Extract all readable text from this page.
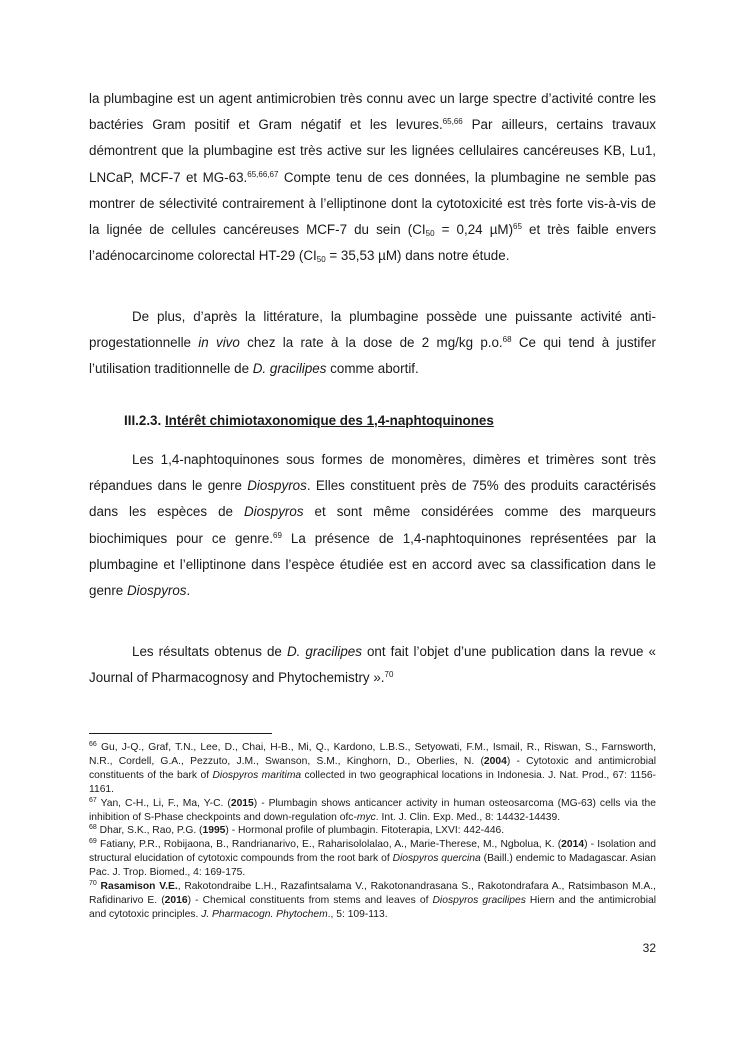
la plumbagine est un agent antimicrobien très connu avec un large spectre d’activité contre les bactéries Gram positif et Gram négatif et les levures.$^{65,66}$ Par ailleurs, certains travaux démontrent que la plumbagine est très active sur les lignées cellulaires cancéreuses KB, Lu1, LNCaP, MCF-7 et MG-63.$^{65,66,67}$ Compte tenu de ces données, la plumbagine ne semble pas montrer de sélectivité contrairement à l’elliptinone dont la cytotoxicité est très forte vis-à-vis de la lignée de cellules cancéreuses MCF-7 du sein ($CI_{50} = 0,24$ µM)$^{65}$ et très faible envers l’adénocarcinome colorectal HT-29 ($CI_{50} = 35,53$ µM) dans notre étude.

De plus, d’après la littérature, la plumbagine possède une puissante activité anti-progestationnelle in vivo chez la rate à la dose de 2 mg/kg p.o.$^{68}$ Ce qui tend à justifer l’utilisation traditionnelle de D. gracilipes comme abortif.

III.2.3. Intérêt chimiotaxonomique des 1,4-naphtoquinones

Les 1,4-naphtoquinones sous formes de monomères, dimères et trimères sont très répandues dans le genre Diospyros. Elles constituent près de 75% des produits caractérisés dans les espèces de Diospyros et sont même considérées comme des marqueurs biochimiques pour ce genre.$^{69}$ La présence de 1,4-naphtoquinones représentées par la plumbagine et l’elliptinone dans l’espèce étudiée est en accord avec sa classification dans le genre Diospyros.

Les résultats obtenus de D. gracilipes ont fait l’objet d’une publication dans la revue « Journal of Pharmacognosy and Phytochemistry ».$^{70}$

$^{66}$ Gu, J-Q., Graf, T.N., Lee, D., Chai, H-B., Mi, Q., Kardono, L.B.S., Setyowati, F.M., Ismail, R., Riswan, S., Farnsworth, N.R., Cordell, G.A., Pezzuto, J.M., Swanson, S.M., Kinghorn, D., Oberlies, N. (2004) - Cytotoxic and antimicrobial constituents of the bark of Diospyros maritima collected in two geographical locations in Indonesia. J. Nat. Prod., 67: 1156-1161.

$^{67}$ Yan, C-H., Li, F., Ma, Y-C. (2015) - Plumbagin shows anticancer activity in human osteosarcoma (MG-63) cells via the inhibition of S-Phase checkpoints and down-regulation ofc-myc. Int. J. Clin. Exp. Med., 8: 14432-14439.

$^{68}$ Dhar, S.K., Rao, P.G. (1995) - Hormonal profile of plumbagin. Fitoterapia, LXVI: 442-446.

$^{69}$ Fatiany, P.R., Robijaona, B., Randrianarivo, E., Raharisololalao, A., Marie-Therese, M., Ngbolua, K. (2014) - Isolation and structural elucidation of cytotoxic compounds from the root bark of Diospyros quercina (Baill.) endemic to Madagascar. Asian Pac. J. Trop. Biomed., 4: 169-175.

$^{70}$ Rasamison V.E., Rakotondraibe L.H., Razafintsalama V., Rakotonandrasana S., Rakotondrafara A., Ratsimbason M.A., Rafidinarivo E. (2016) - Chemical constituents from stems and leaves of Diospyros gracilipes Hiern and the antimicrobial and cytotoxic principles. J. Pharmacogn. Phytochem., 5: 109-113.

32
